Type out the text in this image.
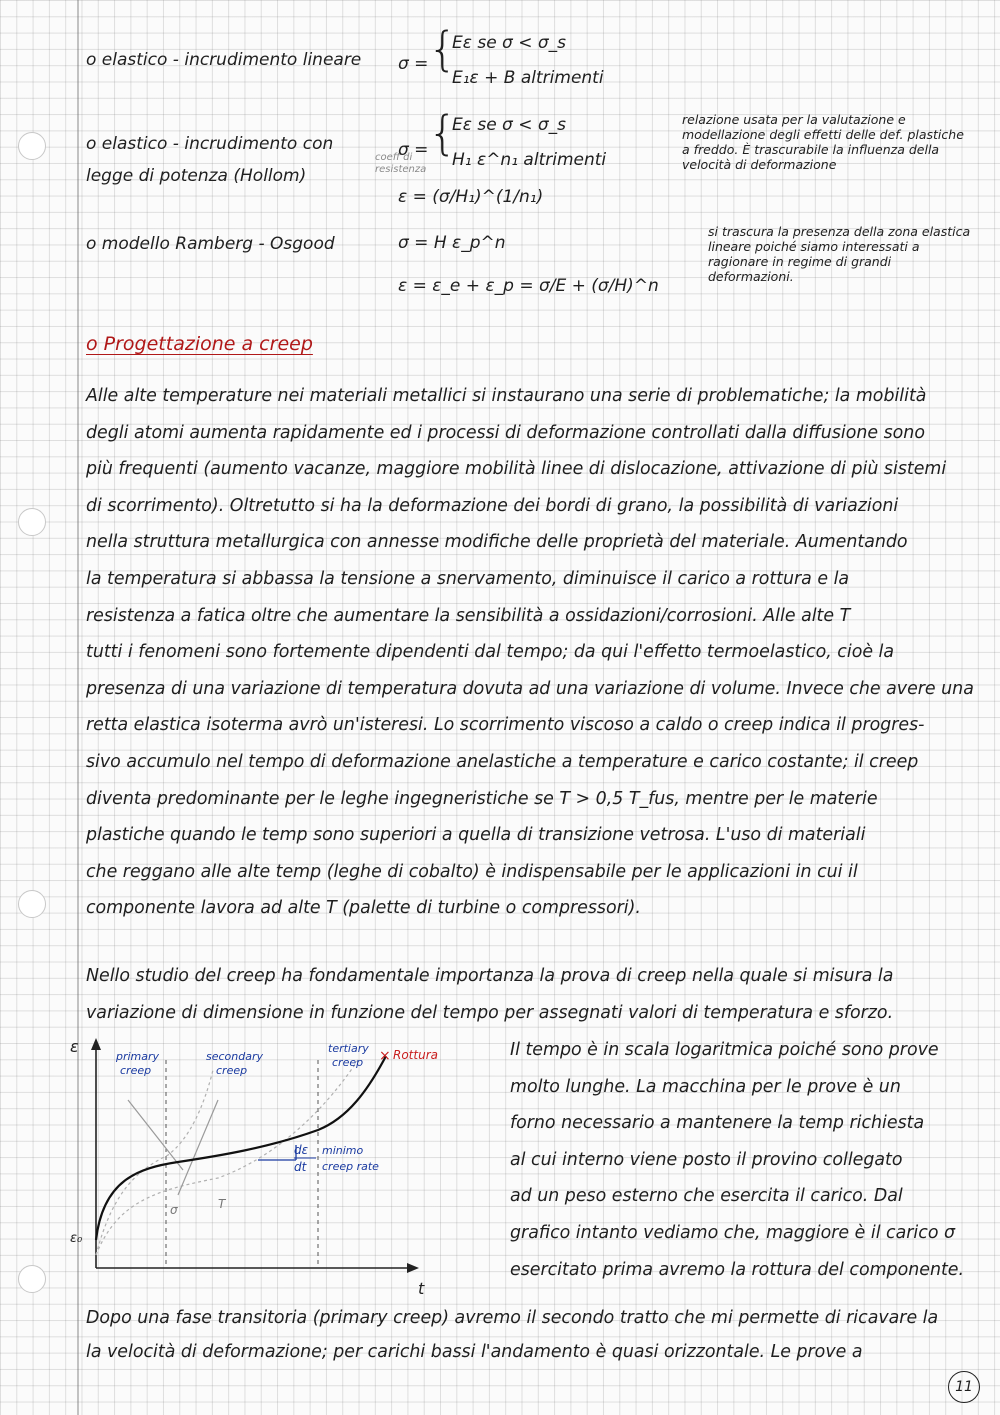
o elastico - incrudimento lineare σ = {
Eε se σ < σ_s
E₁ε + B altrimenti
o elastico - incrudimento con legge di potenza (Hollom)
coeff di resistenza
σ = {
Eε se σ < σ_s
H₁ ε^n₁ altrimenti
ε = (σ/H₁)^(1/n₁)
relazione usata per la valutazione e modellazione degli effetti delle def. plastiche a freddo. È trascurabile la influenza della velocità di deformazione
o modello Ramberg - Osgood	σ = H ε_p^n
ε = ε_e + ε_p = σ/E + (σ/H)^n
si trascura la presenza della zona elastica lineare poiché siamo interessati a ragionare in regime di grandi deformazioni.
o Progettazione a creep
Alle alte temperature nei materiali metallici si instaurano una serie di problematiche; la mobilità
degli atomi aumenta rapidamente ed i processi di deformazione controllati dalla diffusione sono
più frequenti (aumento vacanze, maggiore mobilità linee di dislocazione, attivazione di più sistemi
di scorrimento). Oltretutto si ha la deformazione dei bordi di grano, la possibilità di variazioni
nella struttura metallurgica con annesse modifiche delle proprietà del materiale. Aumentando
la temperatura si abbassa la tensione a snervamento, diminuisce il carico a rottura e la
resistenza a fatica oltre che aumentare la sensibilità a ossidazioni/corrosioni. Alle alte T
tutti i fenomeni sono fortemente dipendenti dal tempo; da qui l'effetto termoelastico, cioè la
presenza di una variazione di temperatura dovuta ad una variazione di volume. Invece che avere una
retta elastica isoterma avrò un'isteresi. Lo scorrimento viscoso a caldo o creep indica il progres-
sivo accumulo nel tempo di deformazione anelastiche a temperature e carico costante; il creep
diventa predominante per le leghe ingegneristiche se T > 0,5 T_fus, mentre per le materie
plastiche quando le temp sono superiori a quella di transizione vetrosa. L'uso di materiali
che reggano alle alte temp (leghe di cobalto) è indispensabile per le applicazioni in cui il
componente lavora ad alte T (palette di turbine o compressori).
Nello studio del creep ha fondamentale importanza la prova di creep nella quale si misura la
variazione di dimensione in funzione del tempo per assegnati valori di temperatura e sforzo.
ε
t
ε₀
σ	T
× Rottura
dε
dt
minimo
creep rate
primary
creep
secondary
creep
tertiary
creep
Il tempo è in scala logaritmica poiché sono prove
molto lunghe. La macchina per le prove è un
forno necessario a mantenere la temp richiesta
al cui interno viene posto il provino collegato
ad un peso esterno che esercita il carico. Dal
grafico intanto vediamo che, maggiore è il carico σ
esercitato prima avremo la rottura del componente.
Dopo una fase transitoria (primary creep) avremo il secondo tratto che mi permette di ricavare la
la velocità di deformazione; per carichi bassi l'andamento è quasi orizzontale. Le prove a
11
